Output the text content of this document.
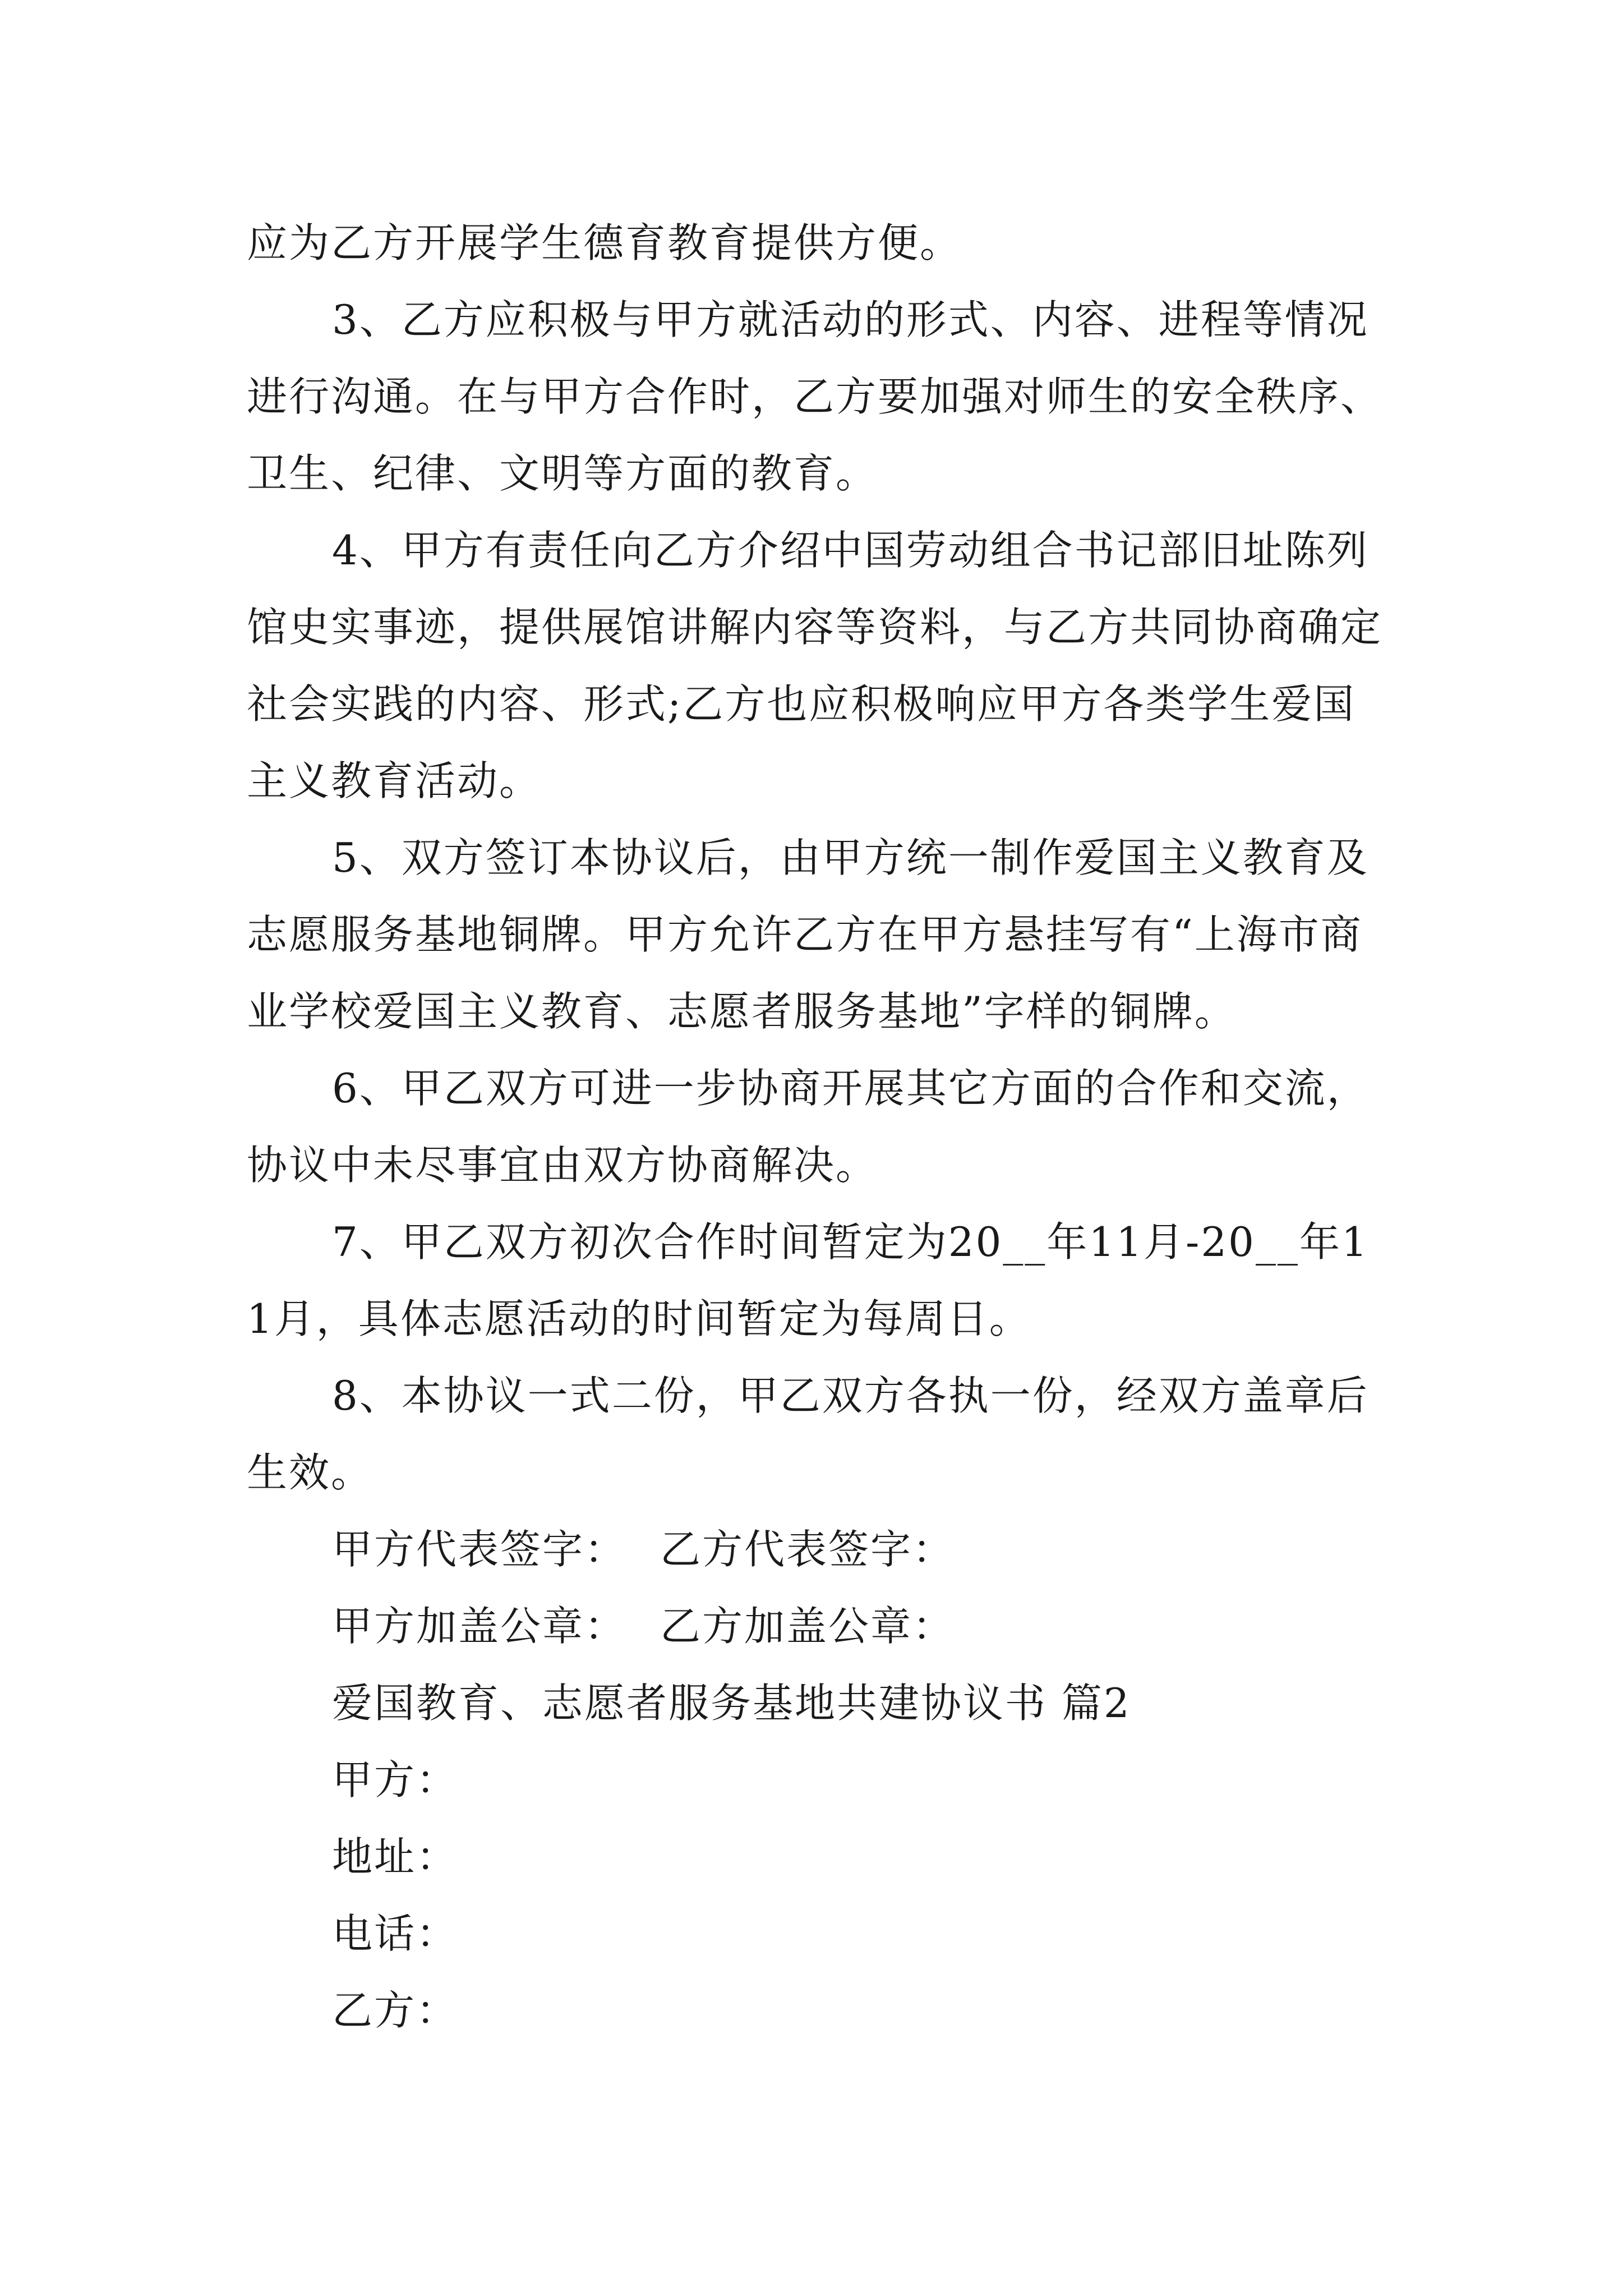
应为乙方开展学生德育教育提供方便。

3、乙方应积极与甲方就活动的形式、内容、进程等情况进行沟通。在与甲方合作时，乙方要加强对师生的安全秩序、卫生、纪律、文明等方面的教育。

4、甲方有责任向乙方介绍中国劳动组合书记部旧址陈列馆史实事迹，提供展馆讲解内容等资料，与乙方共同协商确定社会实践的内容、形式;乙方也应积极响应甲方各类学生爱国主义教育活动。

5、双方签订本协议后，由甲方统一制作爱国主义教育及志愿服务基地铜牌。甲方允许乙方在甲方悬挂写有“上海市商业学校爱国主义教育、志愿者服务基地”字样的铜牌。

6、甲乙双方可进一步协商开展其它方面的合作和交流，协议中未尽事宜由双方协商解决。

7、甲乙双方初次合作时间暂定为20__年11月-20__年11月，具体志愿活动的时间暂定为每周日。

8、本协议一式二份，甲乙双方各执一份，经双方盖章后生效。

甲方代表签字： 乙方代表签字：

甲方加盖公章： 乙方加盖公章：

爱国教育、志愿者服务基地共建协议书 篇2

甲方：

地址：

电话：

乙方：
